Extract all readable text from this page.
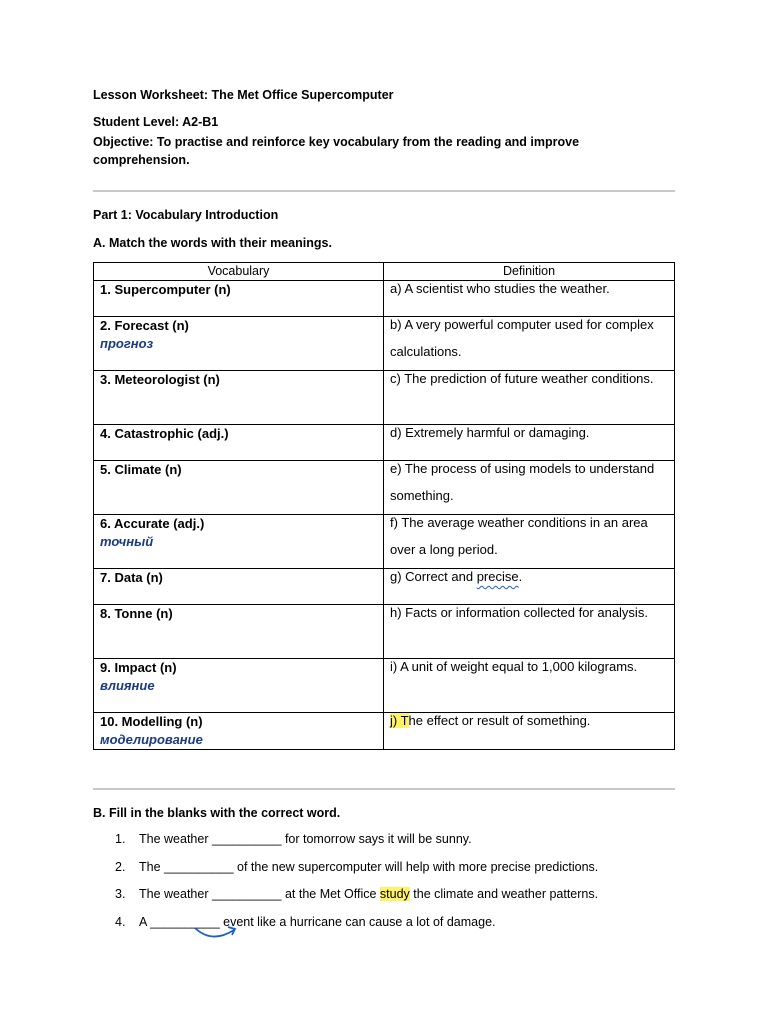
Lesson Worksheet: The Met Office Supercomputer
Student Level: A2-B1
Objective: To practise and reinforce key vocabulary from the reading and improve comprehension.
Part 1: Vocabulary Introduction
A. Match the words with their meanings.
Vocabulary	Definition

1. Supercomputer (n)	a) A scientist who studies the weather.

2. Forecast (n)
прогноз	b) A very powerful computer used for complex calculations.

3. Meteorologist (n)	c) The prediction of future weather conditions.

4. Catastrophic (adj.)	d) Extremely harmful or damaging.

5. Climate (n)	e) The process of using models to understand something.

6. Accurate (adj.)
точный	f) The average weather conditions in an area over a long period.

7. Data (n)	g) Correct and precise.

8. Tonne (n)	h) Facts or information collected for analysis.

9. Impact (n)
влияние	i) A unit of weight equal to 1,000 kilograms.

10. Modelling (n)
моделирование	j) The effect or result of something.
B. Fill in the blanks with the correct word.
1. The weather __________ for tomorrow says it will be sunny.
2. The __________ of the new supercomputer will help with more precise predictions.
3. The weather __________ at the Met Office study the climate and weather patterns.
4. A __________ event like a hurricane can cause a lot of damage.
